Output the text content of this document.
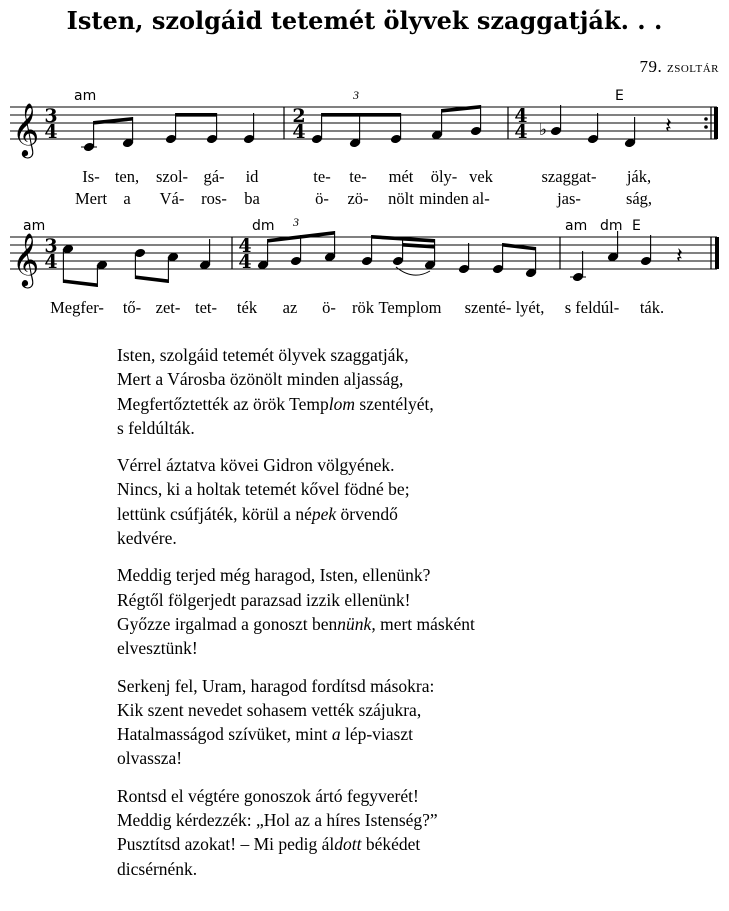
Isten, szolgáid tetemét ölyvek szaggatják. . .
79. zsoltár
𝄞 3
4
2
4
3
4
4 ♭	𝄽
am	E
Is- ten, szol- gá- id	te- te- mét öly- vek	szaggat- ják,
Mert a Vá- ros- ba	ö- zö- nölt minden al-	jas-	ság,
𝄞 3
4
4
4
3
𝄽
am	dm	am dm E
Megfer- tő- zet- tet- ték az ö- rök Templom szenté- lyét, s feldúl- ták.
Isten, szolgáid tetemét ölyvek szaggatják,
Mert a Városba özönölt minden aljasság,
Megfertőztették az örök Templom szentélyét,
s feldúlták.
Vérrel áztatva kövei Gidron völgyének.
Nincs, ki a holtak tetemét kővel födné be;
lettünk csúfjáték, körül a népek örvendő
kedvére.
Meddig terjed még haragod, Isten, ellenünk?
Régtől fölgerjedt parazsad izzik ellenünk!
Győzze irgalmad a gonoszt bennünk, mert másként
elvesztünk!
Serkenj fel, Uram, haragod fordítsd másokra:
Kik szent nevedet sohasem vették szájukra,
Hatalmasságod szívüket, mint a lép-viaszt
olvassza!
Rontsd el végtére gonoszok ártó fegyverét!
Meddig kérdezzék: „Hol az a híres Istenség?”
Pusztítsd azokat! – Mi pedig áldott békédet
dicsérnénk.
